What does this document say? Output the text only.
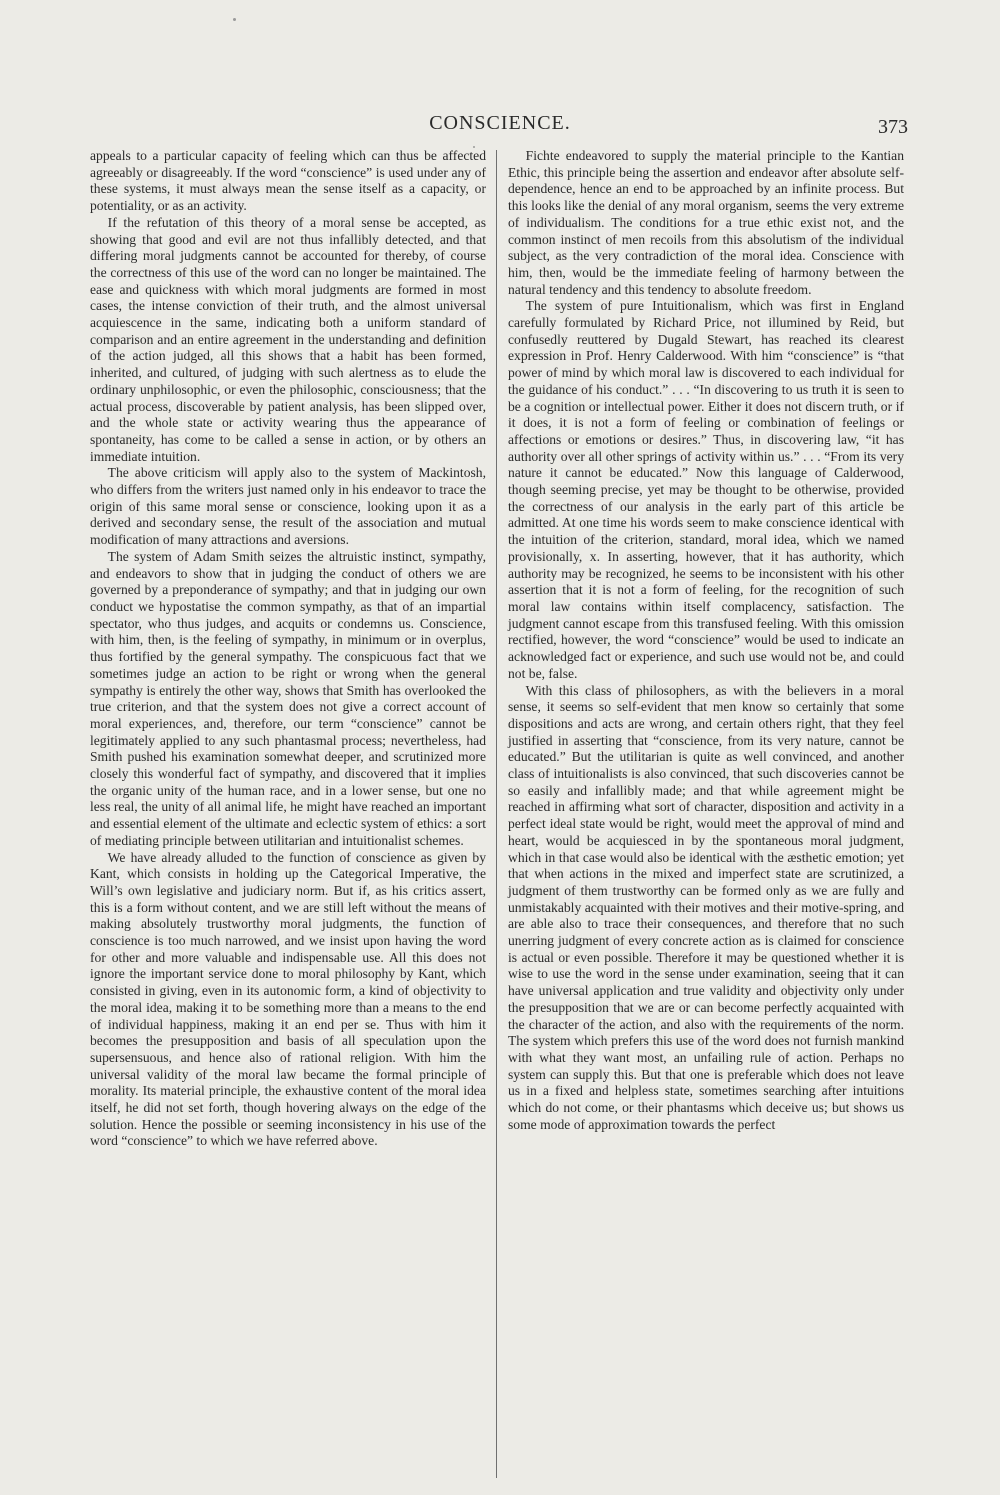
CONSCIENCE.	373

appeals to a particular capacity of feeling which can thus be affected agreeably or disagreeably. If the word “conscience” is used under any of these systems, it must always mean the sense itself as a capacity, or potentiality, or as an activity.

If the refutation of this theory of a moral sense be accepted, as showing that good and evil are not thus infallibly detected, and that differing moral judgments cannot be accounted for thereby, of course the correctness of this use of the word can no longer be maintained. The ease and quickness with which moral judgments are formed in most cases, the intense conviction of their truth, and the almost universal acquiescence in the same, indicating both a uniform standard of comparison and an entire agreement in the understanding and definition of the action judged, all this shows that a habit has been formed, inherited, and cultured, of judging with such alertness as to elude the ordinary unphilosophic, or even the philosophic, consciousness; that the actual process, discoverable by patient analysis, has been slipped over, and the whole state or activity wearing thus the appearance of spontaneity, has come to be called a sense in action, or by others an immediate intuition.

The above criticism will apply also to the system of Mackintosh, who differs from the writers just named only in his endeavor to trace the origin of this same moral sense or conscience, looking upon it as a derived and secondary sense, the result of the association and mutual modification of many attractions and aversions.

The system of Adam Smith seizes the altruistic instinct, sympathy, and endeavors to show that in judging the conduct of others we are governed by a preponderance of sympathy; and that in judging our own conduct we hypostatise the common sympathy, as that of an impartial spectator, who thus judges, and acquits or condemns us. Conscience, with him, then, is the feeling of sympathy, in minimum or in overplus, thus fortified by the general sympathy. The conspicuous fact that we sometimes judge an action to be right or wrong when the general sympathy is entirely the other way, shows that Smith has overlooked the true criterion, and that the system does not give a correct account of moral experiences, and, therefore, our term “conscience” cannot be legitimately applied to any such phantasmal process; nevertheless, had Smith pushed his examination somewhat deeper, and scrutinized more closely this wonderful fact of sympathy, and discovered that it implies the organic unity of the human race, and in a lower sense, but one no less real, the unity of all animal life, he might have reached an important and essential element of the ultimate and eclectic system of ethics: a sort of mediating principle between utilitarian and intuitionalist schemes.

We have already alluded to the function of conscience as given by Kant, which consists in holding up the Categorical Imperative, the Will’s own legislative and judiciary norm. But if, as his critics assert, this is a form without content, and we are still left without the means of making absolutely trustworthy moral judgments, the function of conscience is too much narrowed, and we insist upon having the word for other and more valuable and indispensable use. All this does not ignore the important service done to moral philosophy by Kant, which consisted in giving, even in its autonomic form, a kind of objectivity to the moral idea, making it to be something more than a means to the end of individual happiness, making it an end per se. Thus with him it becomes the presupposition and basis of all speculation upon the supersensuous, and hence also of rational religion. With him the universal validity of the moral law became the formal principle of morality. Its material principle, the exhaustive content of the moral idea itself, he did not set forth, though hovering always on the edge of the solution. Hence the possible or seeming inconsistency in his use of the word “conscience” to which we have referred above.

Fichte endeavored to supply the material principle to the Kantian Ethic, this principle being the assertion and endeavor after absolute self-dependence, hence an end to be approached by an infinite process. But this looks like the denial of any moral organism, seems the very extreme of individualism. The conditions for a true ethic exist not, and the common instinct of men recoils from this absolutism of the individual subject, as the very contradiction of the moral idea. Conscience with him, then, would be the immediate feeling of harmony between the natural tendency and this tendency to absolute freedom.

The system of pure Intuitionalism, which was first in England carefully formulated by Richard Price, not illumined by Reid, but confusedly reuttered by Dugald Stewart, has reached its clearest expression in Prof. Henry Calderwood. With him “conscience” is “that power of mind by which moral law is discovered to each individual for the guidance of his conduct.” . . . “In discovering to us truth it is seen to be a cognition or intellectual power. Either it does not discern truth, or if it does, it is not a form of feeling or combination of feelings or affections or emotions or desires.” Thus, in discovering law, “it has authority over all other springs of activity within us.” . . . “From its very nature it cannot be educated.” Now this language of Calderwood, though seeming precise, yet may be thought to be otherwise, provided the correctness of our analysis in the early part of this article be admitted. At one time his words seem to make conscience identical with the intuition of the criterion, standard, moral idea, which we named provisionally, x. In asserting, however, that it has authority, which authority may be recognized, he seems to be inconsistent with his other assertion that it is not a form of feeling, for the recognition of such moral law contains within itself complacency, satisfaction. The judgment cannot escape from this transfused feeling. With this omission rectified, however, the word “conscience” would be used to indicate an acknowledged fact or experience, and such use would not be, and could not be, false.

With this class of philosophers, as with the believers in a moral sense, it seems so self-evident that men know so certainly that some dispositions and acts are wrong, and certain others right, that they feel justified in asserting that “conscience, from its very nature, cannot be educated.” But the utilitarian is quite as well convinced, and another class of intuitionalists is also convinced, that such discoveries cannot be so easily and infallibly made; and that while agreement might be reached in affirming what sort of character, disposition and activity in a perfect ideal state would be right, would meet the approval of mind and heart, would be acquiesced in by the spontaneous moral judgment, which in that case would also be identical with the æsthetic emotion; yet that when actions in the mixed and imperfect state are scrutinized, a judgment of them trustworthy can be formed only as we are fully and unmistakably acquainted with their motives and their motive-spring, and are able also to trace their consequences, and therefore that no such unerring judgment of every concrete action as is claimed for conscience is actual or even possible. Therefore it may be questioned whether it is wise to use the word in the sense under examination, seeing that it can have universal application and true validity and objectivity only under the presupposition that we are or can become perfectly acquainted with the character of the action, and also with the requirements of the norm. The system which prefers this use of the word does not furnish mankind with what they want most, an unfailing rule of action. Perhaps no system can supply this. But that one is preferable which does not leave us in a fixed and helpless state, sometimes searching after intuitions which do not come, or their phantasms which deceive us; but shows us some mode of approximation towards the perfect
